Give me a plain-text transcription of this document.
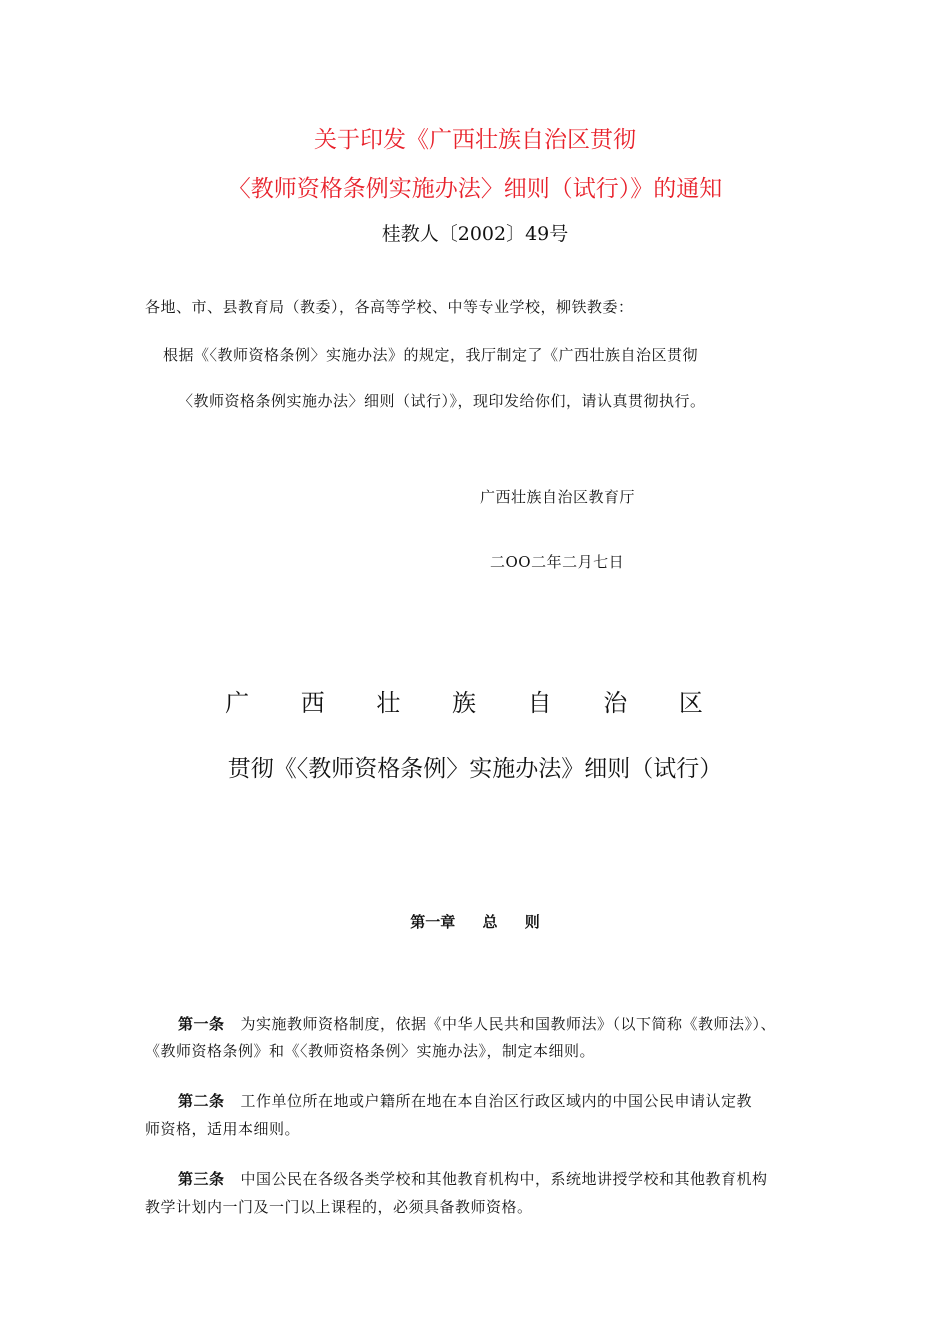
关于印发《广西壮族自治区贯彻
〈教师资格条例实施办法〉细则（试行）》的通知
桂教人〔2002〕49号
各地、市、县教育局（教委），各高等学校、中等专业学校，柳铁教委：
根据《〈教师资格条例〉实施办法》的规定，我厅制定了《广西壮族自治区贯彻
〈教师资格条例实施办法〉细则（试行）》，现印发给你们，请认真贯彻执行。
广西壮族自治区教育厅
二OO二年二月七日
广 西 壮 族 自 治 区
贯彻《〈教师资格条例〉实施办法》细则（试行）
第一章 总 则
第一条 为实施教师资格制度，依据《中华人民共和国教师法》（以下简称《教师法》）、
《教师资格条例》和《〈教师资格条例〉实施办法》，制定本细则。
第二条 工作单位所在地或户籍所在地在本自治区行政区域内的中国公民申请认定教
师资格，适用本细则。
第三条 中国公民在各级各类学校和其他教育机构中，系统地讲授学校和其他教育机构
教学计划内一门及一门以上课程的，必须具备教师资格。
